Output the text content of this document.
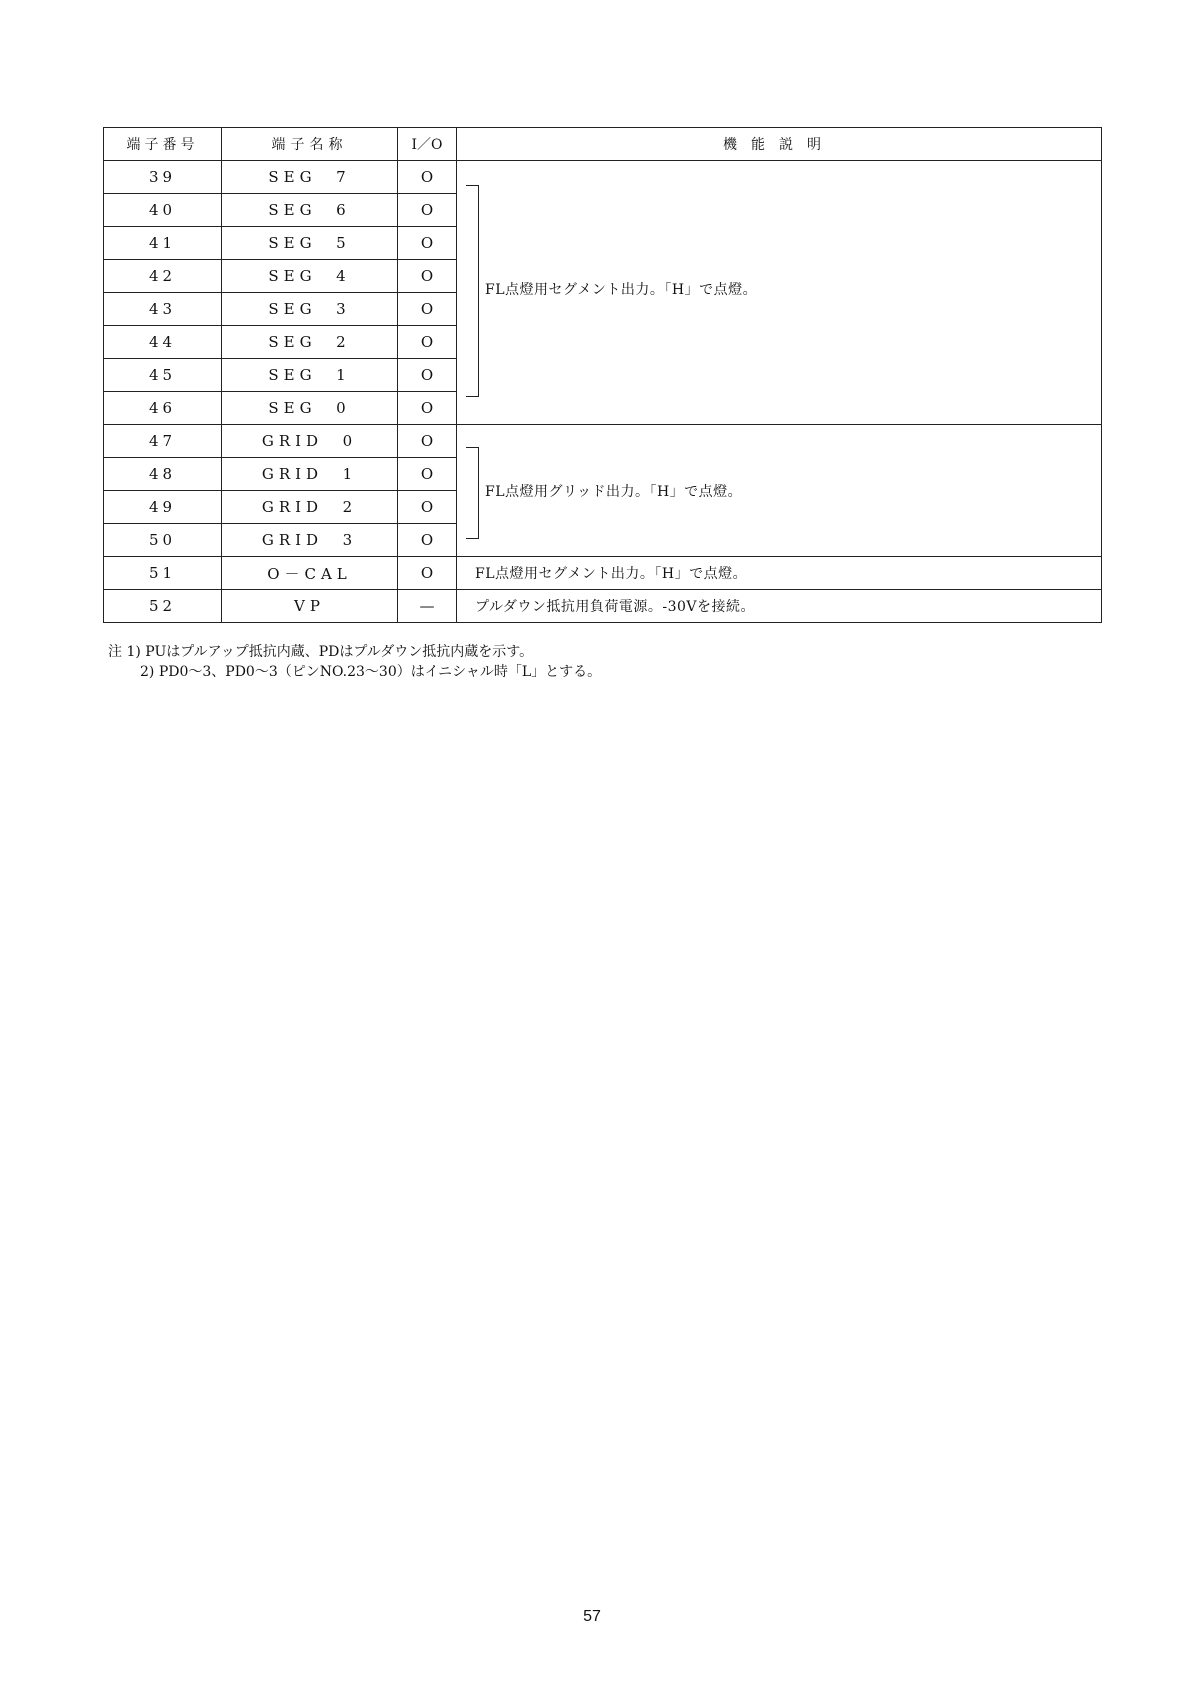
端子番号	端子名称	I／O	機能説明
39	SEG  7	O	FL点燈用セグメント出力。「H」で点燈。

40	SEG  6	O	
41	SEG  5	O	
42	SEG  4	O	
43	SEG  3	O	
44	SEG  2	O	
45	SEG  1	O	
46	SEG  0	O	
47	GRID  0	O	FL点燈用グリッド出力。「H」で点燈。

48	GRID  1	O	
49	GRID  2	O	
50	GRID  3	O	
51	O－CAL	O	FL点燈用セグメント出力。「H」で点燈。
52	VP	—	プルダウン抵抗用負荷電源。-30Vを接続。
注 1) PUはプルアップ抵抗内蔵、PDはプルダウン抵抗内蔵を示す。
2) PD0～3、PD0～3（ピンNO.23～30）はイニシャル時「L」とする。
57
